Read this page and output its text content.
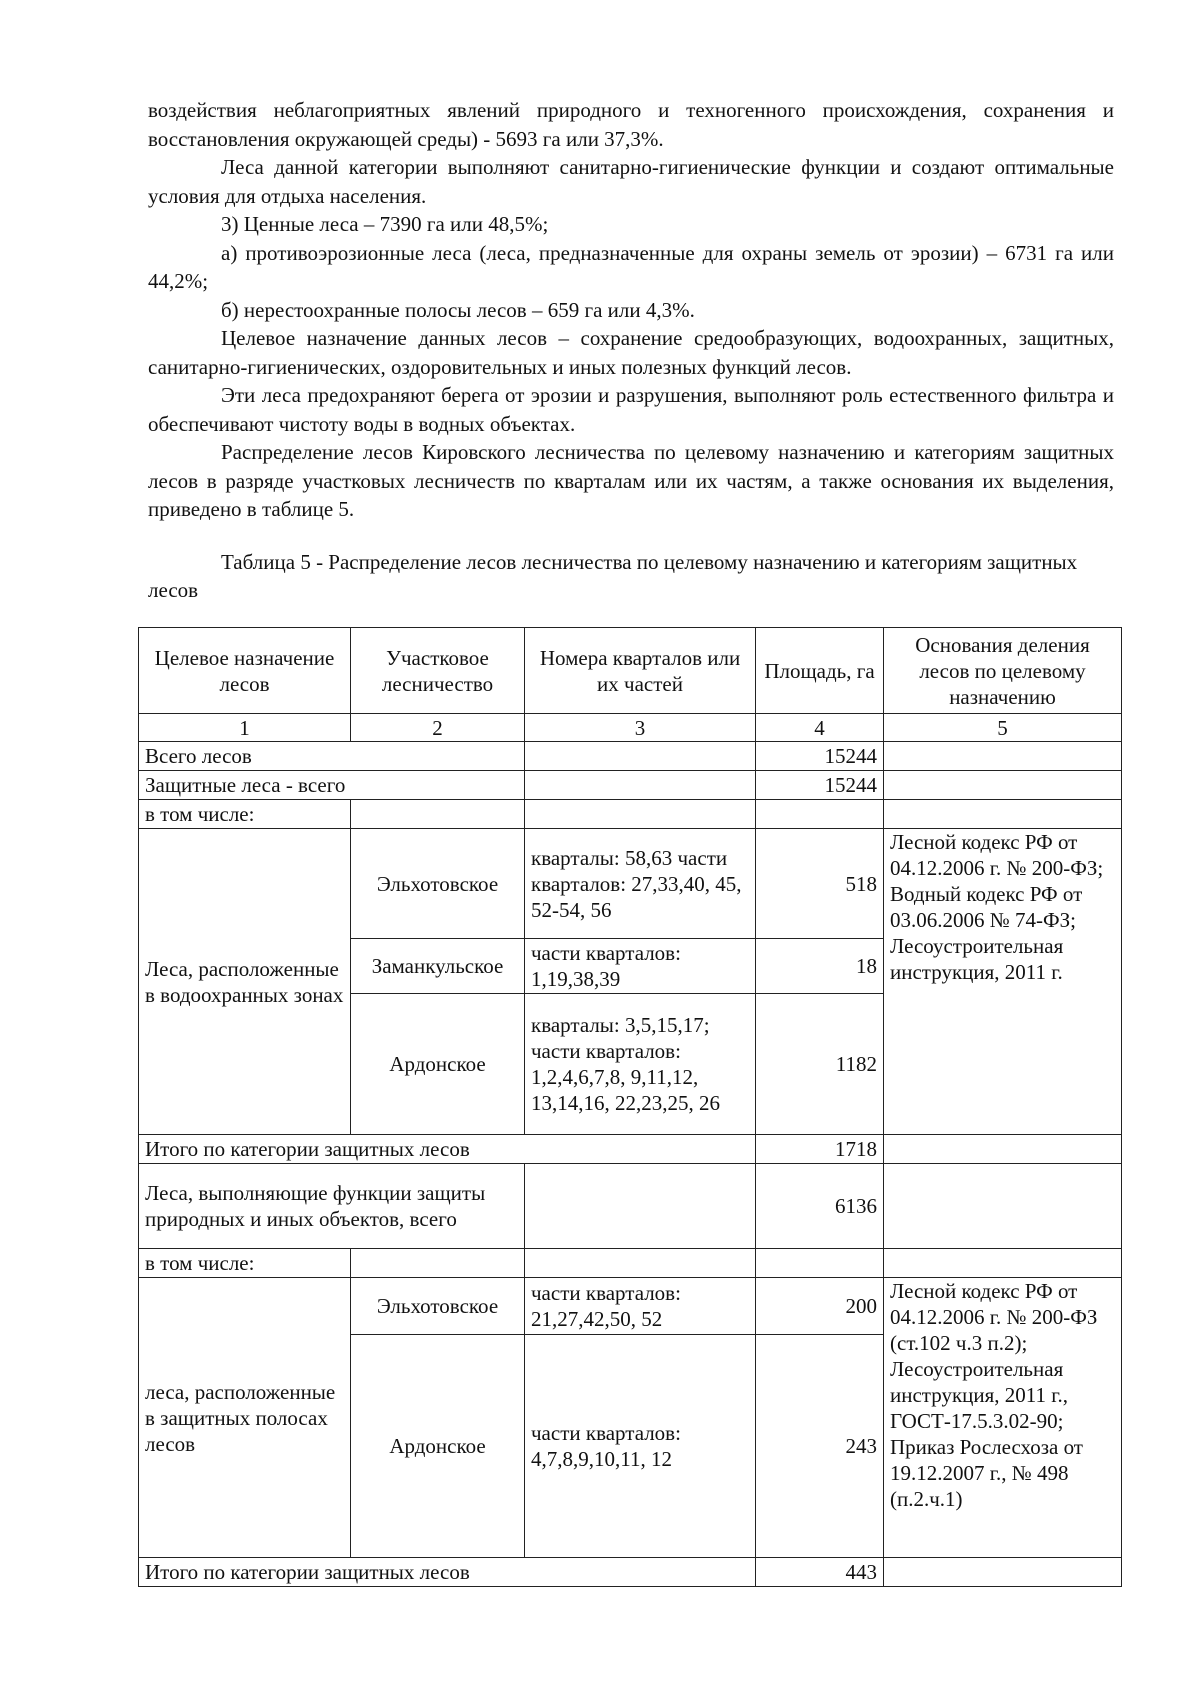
воздействия неблагоприятных явлений природного и техногенного происхождения, сохранения и восстановления окружающей среды) - 5693 га или 37,3%.

Леса данной категории выполняют санитарно-гигиенические функции и создают оптимальные условия для отдыха населения.

3) Ценные леса – 7390 га или 48,5%;

а) противоэрозионные леса (леса, предназначенные для охраны земель от эрозии) – 6731 га или 44,2%;

б) нерестоохранные полосы лесов – 659 га или 4,3%.

Целевое назначение данных лесов – сохранение средообразующих, водоохранных, защитных, санитарно-гигиенических, оздоровительных и иных полезных функций лесов.

Эти леса предохраняют берега от эрозии и разрушения, выполняют роль естественного фильтра и обеспечивают чистоту воды в водных объектах.

Распределение лесов Кировского лесничества по целевому назначению и категориям защитных лесов в разряде участковых лесничеств по кварталам или их частям, а также основания их выделения, приведено в таблице 5.

Таблица 5 - Распределение лесов лесничества по целевому назначению и категориям защитных лесов
Целевое назначение лесов	Участковое лесничество	Номера кварталов или их частей	Площадь, га	Основания деления лесов по целевому назначению
1	2	3	4	5
Всего лесов			15244	
Защитные леса - всего			15244	
в том числе:				
Леса, расположенные в водоохранных зонах	Эльхотовское	кварталы: 58,63 части кварталов: 27,33,40, 45, 52-54, 56	518	Лесной кодекс РФ от 04.12.2006 г. № 200-ФЗ; Водный кодекс РФ от 03.06.2006 № 74-ФЗ; Лесоустроительная инструкция, 2011 г.
	Заманкульское	части кварталов: 1,19,38,39	18	
	Ардонское	кварталы: 3,5,15,17; части кварталов: 1,2,4,6,7,8, 9,11,12, 13,14,16, 22,23,25, 26	1182	
Итого по категории защитных лесов			1718	
Леса, выполняющие функции защиты природных и иных объектов, всего			6136	
в том числе:				
леса, расположенные в защитных полосах лесов	Эльхотовское	части кварталов: 21,27,42,50, 52	200	Лесной кодекс РФ от 04.12.2006 г. № 200-ФЗ (ст.102 ч.3 п.2); Лесоустроительная инструкция, 2011 г., ГОСТ-17.5.3.02-90; Приказ Рослесхоза от 19.12.2007 г., № 498 (п.2.ч.1)
	Ардонское	части кварталов: 4,7,8,9,10,11, 12	243	
Итого по категории защитных лесов			443	
